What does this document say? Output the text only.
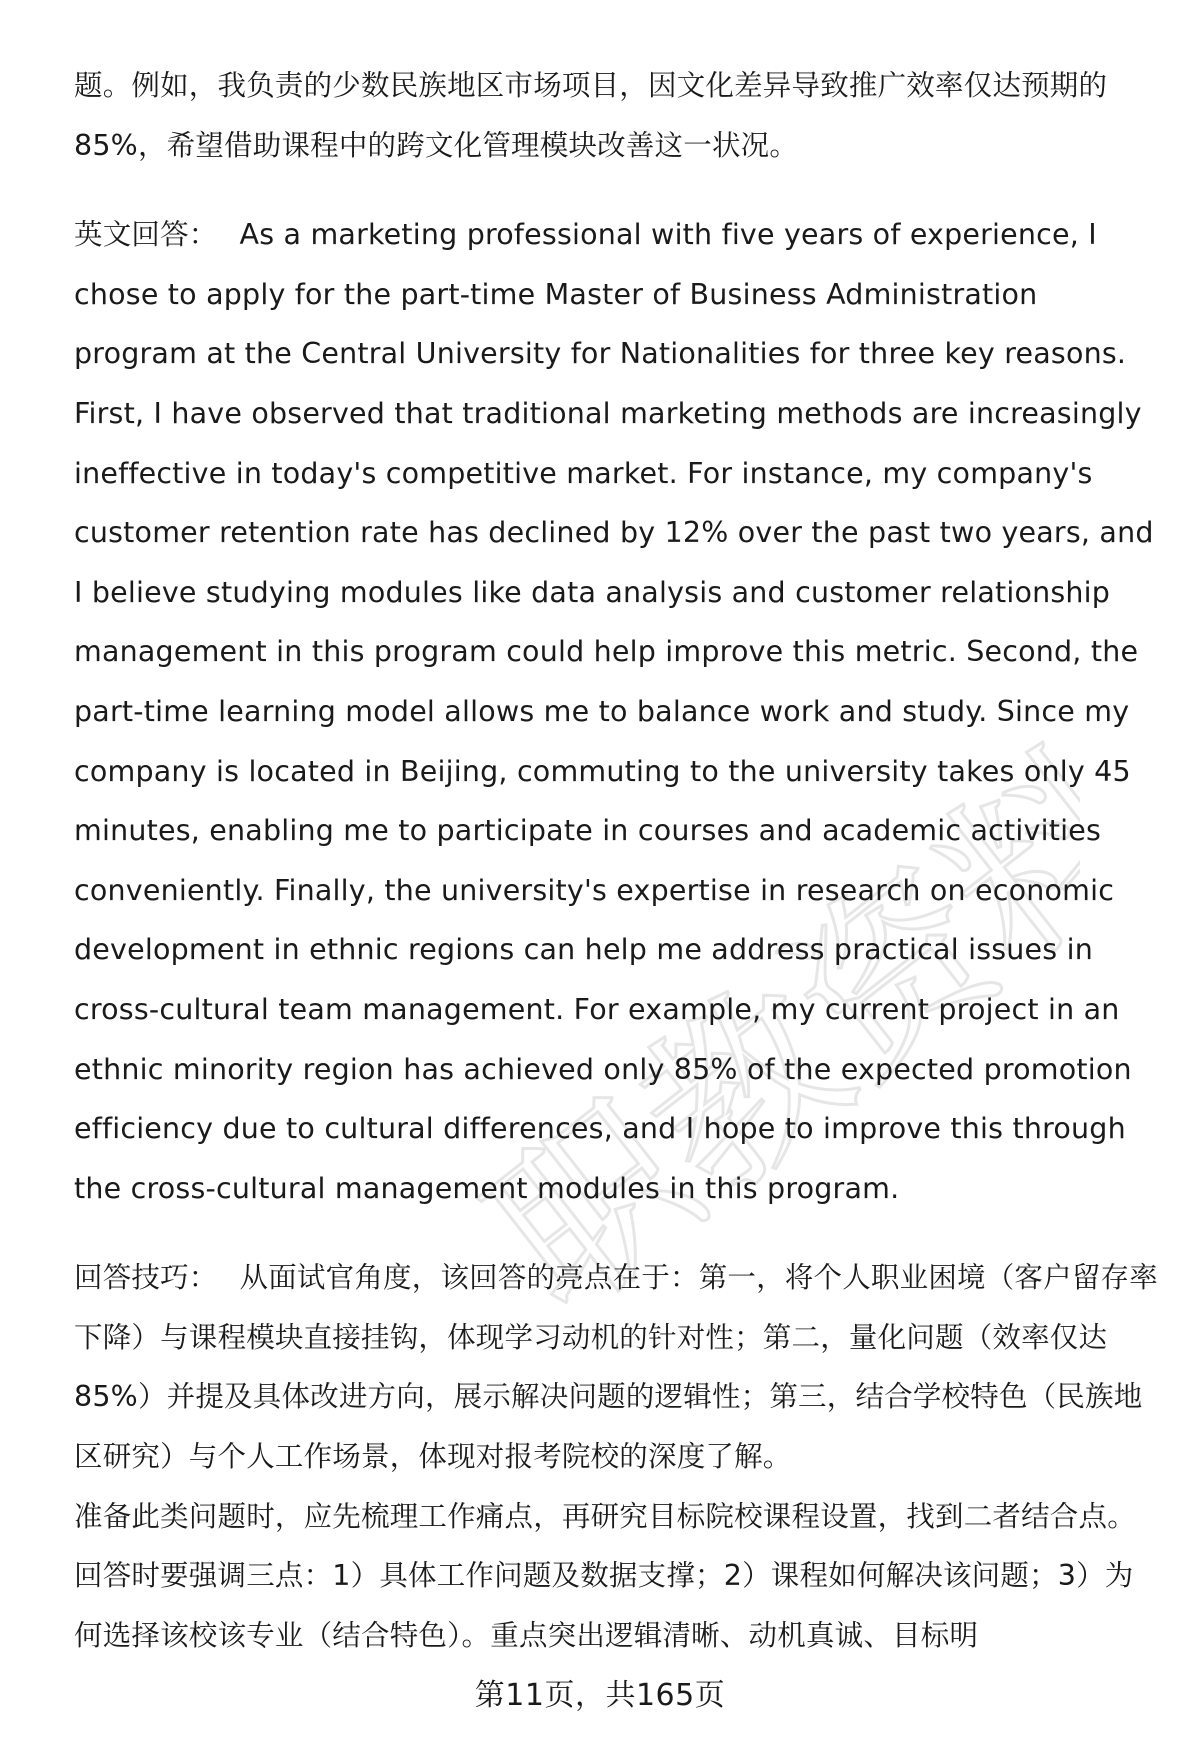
职教资料

题。例如，我负责的少数民族地区市场项目，因文化差异导致推广效率仅达预期的85%，希望借助课程中的跨文化管理模块改善这一状况。

英文回答： As a marketing professional with five years of experience, I chose to apply for the part-time Master of Business Administration program at the Central University for Nationalities for three key reasons. First, I have observed that traditional marketing methods are increasingly ineffective in today's competitive market. For instance, my company's customer retention rate has declined by 12% over the past two years, and I believe studying modules like data analysis and customer relationship management in this program could help improve this metric. Second, the part-time learning model allows me to balance work and study. Since my company is located in Beijing, commuting to the university takes only 45 minutes, enabling me to participate in courses and academic activities conveniently. Finally, the university's expertise in research on economic development in ethnic regions can help me address practical issues in cross-cultural team management. For example, my current project in an ethnic minority region has achieved only 85% of the expected promotion efficiency due to cultural differences, and I hope to improve this through the cross-cultural management modules in this program.

回答技巧： 从面试官角度，该回答的亮点在于：第一，将个人职业困境（客户留存率下降）与课程模块直接挂钩，体现学习动机的针对性；第二，量化问题（效率仅达85%）并提及具体改进方向，展示解决问题的逻辑性；第三，结合学校特色（民族地区研究）与个人工作场景，体现对报考院校的深度了解。

准备此类问题时，应先梳理工作痛点，再研究目标院校课程设置，找到二者结合点。回答时要强调三点：1）具体工作问题及数据支撑；2）课程如何解决该问题；3）为何选择该校该专业（结合特色）。重点突出逻辑清晰、动机真诚、目标明

第11页，共165页
